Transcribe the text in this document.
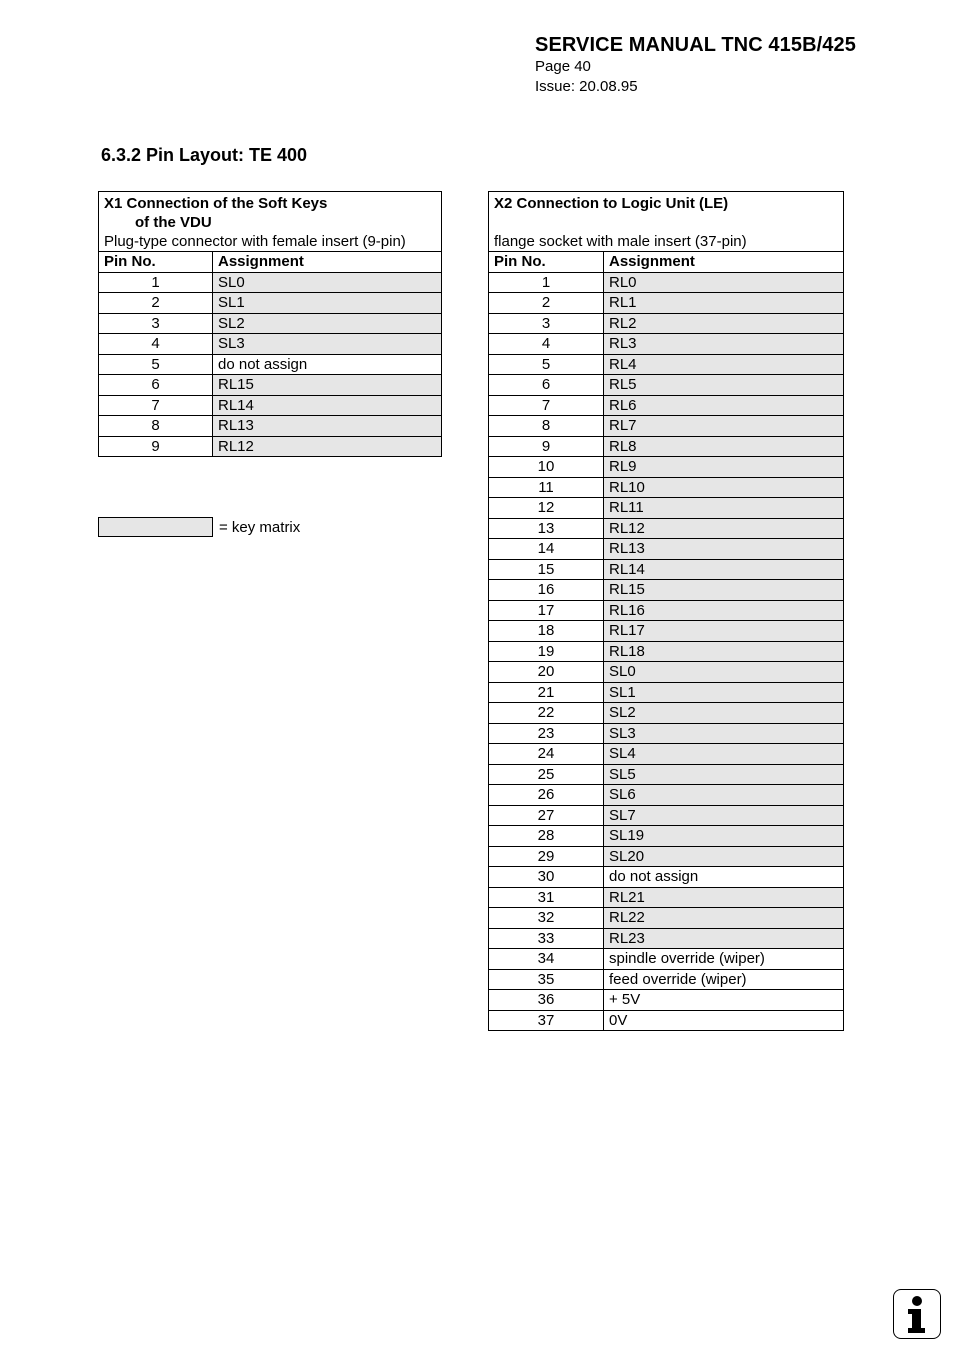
SERVICE MANUAL TNC 415B/425
Page 40
Issue: 20.08.95
6.3.2 Pin Layout: TE 400
X1 Connection of the Soft Keys
of the VDU
Plug-type connector with female insert (9-pin)	
Pin No.	Assignment
1	SL0
2	SL1
3	SL2
4	SL3
5	do not assign
6	RL15
7	RL14
8	RL13
9	RL12
X2 Connection to Logic Unit (LE)
flange socket with male insert (37-pin)	

Pin No.	Assignment
1	RL0
2	RL1
3	RL2
4	RL3
5	RL4
6	RL5
7	RL6
8	RL7
9	RL8
10	RL9
11	RL10
12	RL11
13	RL12
14	RL13
15	RL14
16	RL15
17	RL16
18	RL17
19	RL18
20	SL0
21	SL1
22	SL2
23	SL3
24	SL4
25	SL5
26	SL6
27	SL7
28	SL19
29	SL20
30	do not assign
31	RL21
32	RL22
33	RL23
34	spindle override (wiper)
35	feed override (wiper)
36	+ 5V
37	0V
= key matrix
